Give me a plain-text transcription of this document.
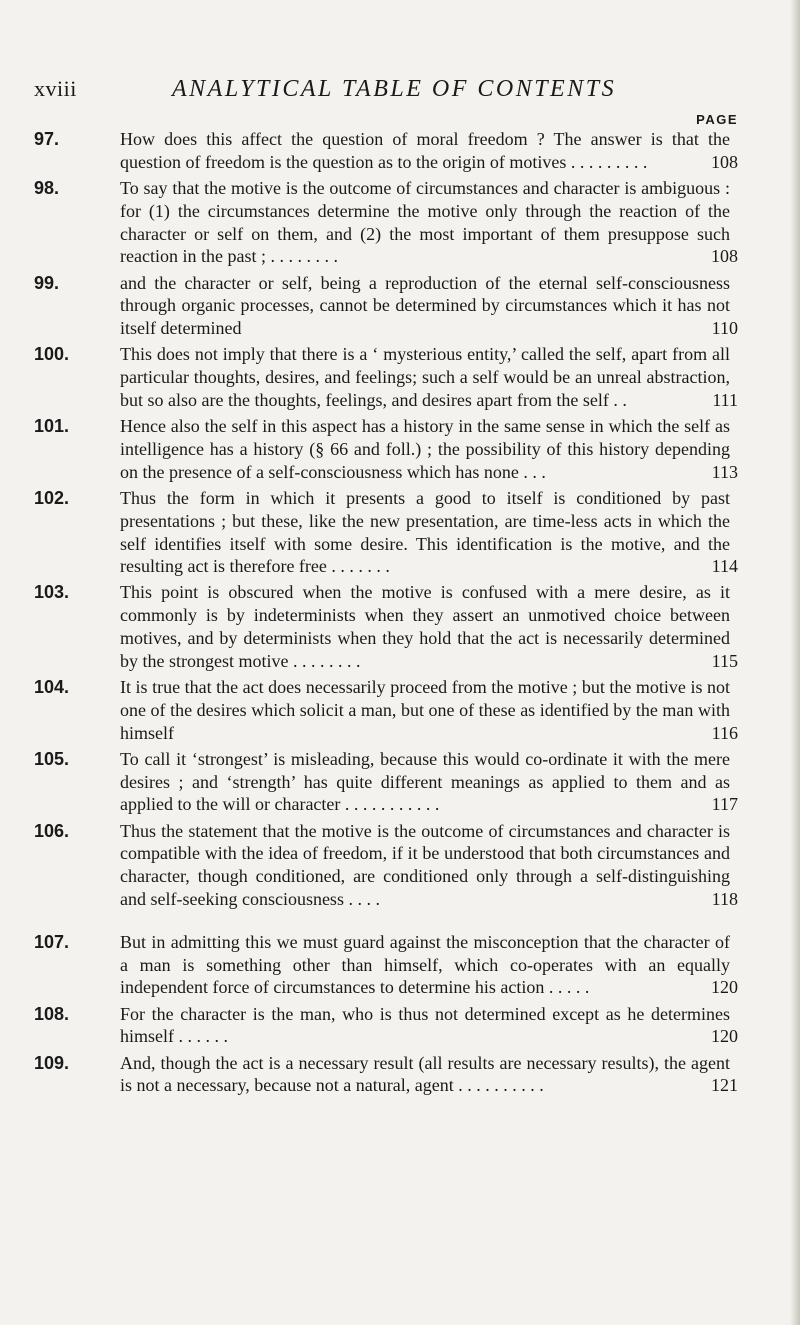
xviii	ANALYTICAL TABLE OF CONTENTS
PAGE
97.	How does this affect the question of moral freedom ? The answer is that the question of freedom is the question as to the origin of motives . . . . . . . . .	108
98.	To say that the motive is the outcome of circumstances and character is ambiguous : for (1) the circumstances determine the motive only through the reaction of the character or self on them, and (2) the most important of them presuppose such reaction in the past ; . . . . . . . .	108
99.	and the character or self, being a reproduction of the eternal self-consciousness through organic processes, cannot be determined by circumstances which it has not itself determined	110
100.	This does not imply that there is a ‘ mysterious entity,’ called the self, apart from all particular thoughts, desires, and feelings; such a self would be an unreal abstraction, but so also are the thoughts, feelings, and desires apart from the self . .	111
101.	Hence also the self in this aspect has a history in the same sense in which the self as intelligence has a history (§ 66 and foll.) ; the possibility of this history depending on the presence of a self-consciousness which has none . . .	113
102.	Thus the form in which it presents a good to itself is conditioned by past presentations ; but these, like the new presentation, are time-less acts in which the self identifies itself with some desire. This identification is the motive, and the resulting act is therefore free . . . . . . .	114
103.	This point is obscured when the motive is confused with a mere desire, as it commonly is by indeterminists when they assert an unmotived choice between motives, and by determinists when they hold that the act is necessarily determined by the strongest motive . . . . . . . .	115
104.	It is true that the act does necessarily proceed from the motive ; but the motive is not one of the desires which solicit a man, but one of these as identified by the man with himself	116
105.	To call it ‘strongest’ is misleading, because this would co-ordinate it with the mere desires ; and ‘strength’ has quite different meanings as applied to them and as applied to the will or character . . . . . . . . . . .	117
106.	Thus the statement that the motive is the outcome of circumstances and character is compatible with the idea of freedom, if it be understood that both circumstances and character, though conditioned, are conditioned only through a self-distinguishing and self-seeking consciousness . . . .	118
107.	But in admitting this we must guard against the misconception that the character of a man is something other than himself, which co-operates with an equally independent force of circumstances to determine his action . . . . .	120
108.	For the character is the man, who is thus not determined except as he determines himself . . . . . .	120
109.	And, though the act is a necessary result (all results are necessary results), the agent is not a necessary, because not a natural, agent . . . . . . . . . .	121
